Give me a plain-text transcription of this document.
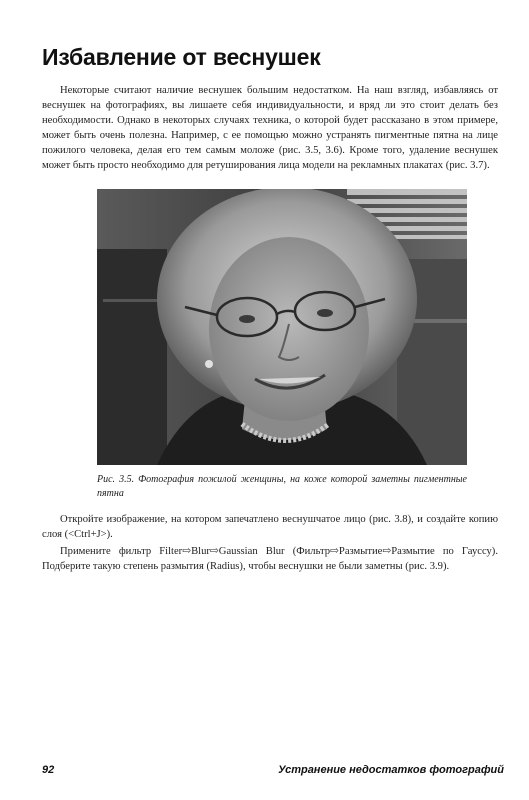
Избавление от веснушек

Некоторые считают наличие веснушек большим недостатком. На наш взгляд, избавляясь от веснушек на фотографиях, вы лишаете себя индивидуальности, и вряд ли это стоит делать без необходимости. Однако в некоторых случаях техника, о которой будет рассказано в этом примере, может быть очень полезна. Например, с ее помощью можно устранять пигментные пятна на лице пожилого человека, делая его тем самым моложе (рис. 3.5, 3.6). Кроме того, удаление веснушек может быть просто необходимо для ретуширования лица модели на рекламных плакатах (рис. 3.7).

Рис. 3.5. Фотография пожилой женщины, на коже которой заметны пигментные пятна

Откройте изображение, на котором запечатлено веснушчатое лицо (рис. 3.8), и создайте копию слоя (<Ctrl+J>).

Примените фильтр Filter⇨Blur⇨Gaussian Blur (Фильтр⇨Размытие⇨Размытие по Гауссу). Подберите такую степень размытия (Radius), чтобы веснушки не были заметны (рис. 3.9).

92	Устранение недостатков фотографий
